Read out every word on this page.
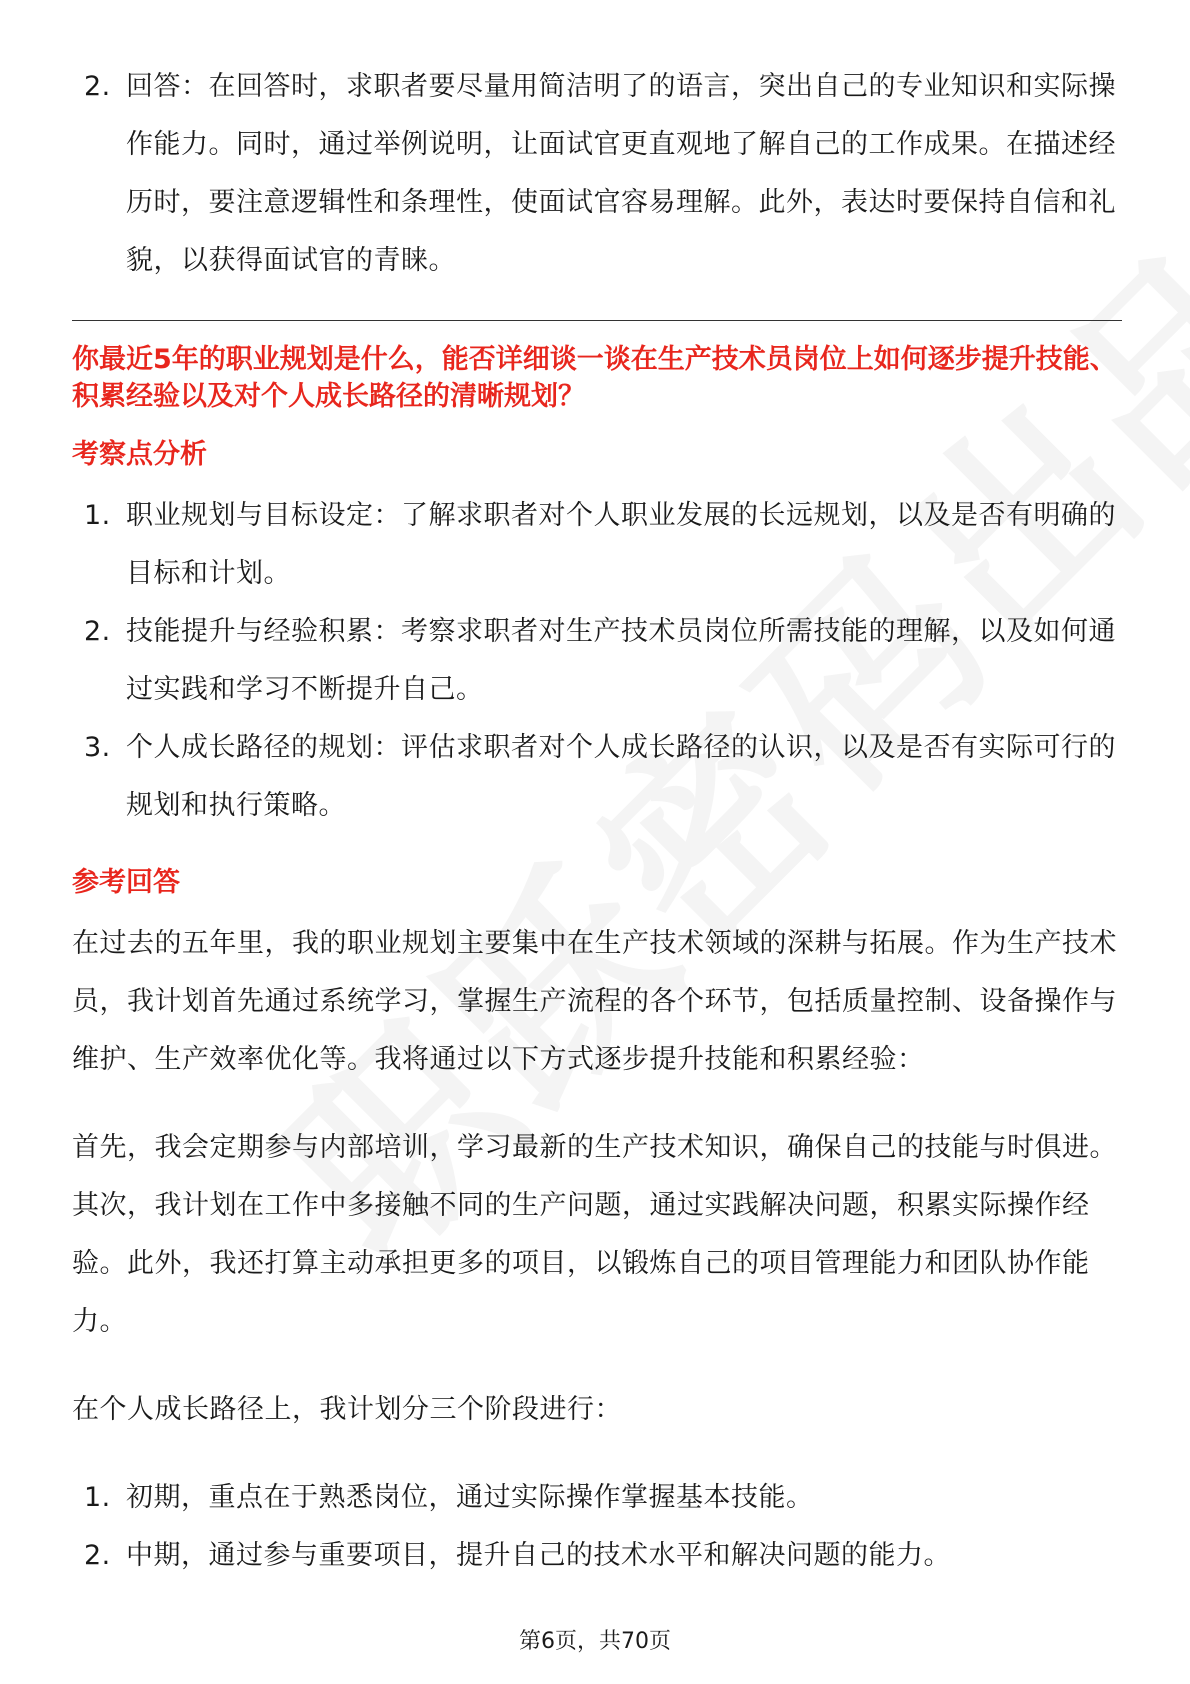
2. 回答：在回答时，求职者要尽量用简洁明了的语言，突出自己的专业知识和实际操作能力。同时，通过举例说明，让面试官更直观地了解自己的工作成果。在描述经历时，要注意逻辑性和条理性，使面试官容易理解。此外，表达时要保持自信和礼貌，以获得面试官的青睐。
你最近5年的职业规划是什么，能否详细谈一谈在生产技术员岗位上如何逐步提升技能、积累经验以及对个人成长路径的清晰规划？
考察点分析
1. 职业规划与目标设定：了解求职者对个人职业发展的长远规划，以及是否有明确的目标和计划。
2. 技能提升与经验积累：考察求职者对生产技术员岗位所需技能的理解，以及如何通过实践和学习不断提升自己。
3. 个人成长路径的规划：评估求职者对个人成长路径的认识，以及是否有实际可行的规划和执行策略。
参考回答

在过去的五年里，我的职业规划主要集中在生产技术领域的深耕与拓展。作为生产技术员，我计划首先通过系统学习，掌握生产流程的各个环节，包括质量控制、设备操作与维护、生产效率优化等。我将通过以下方式逐步提升技能和积累经验：

首先，我会定期参与内部培训，学习最新的生产技术知识，确保自己的技能与时俱进。其次，我计划在工作中多接触不同的生产问题，通过实践解决问题，积累实际操作经验。此外，我还打算主动承担更多的项目，以锻炼自己的项目管理能力和团队协作能力。

在个人成长路径上，我计划分三个阶段进行：

1. 初期，重点在于熟悉岗位，通过实际操作掌握基本技能。
2. 中期，通过参与重要项目，提升自己的技术水平和解决问题的能力。
第6页，共70页
